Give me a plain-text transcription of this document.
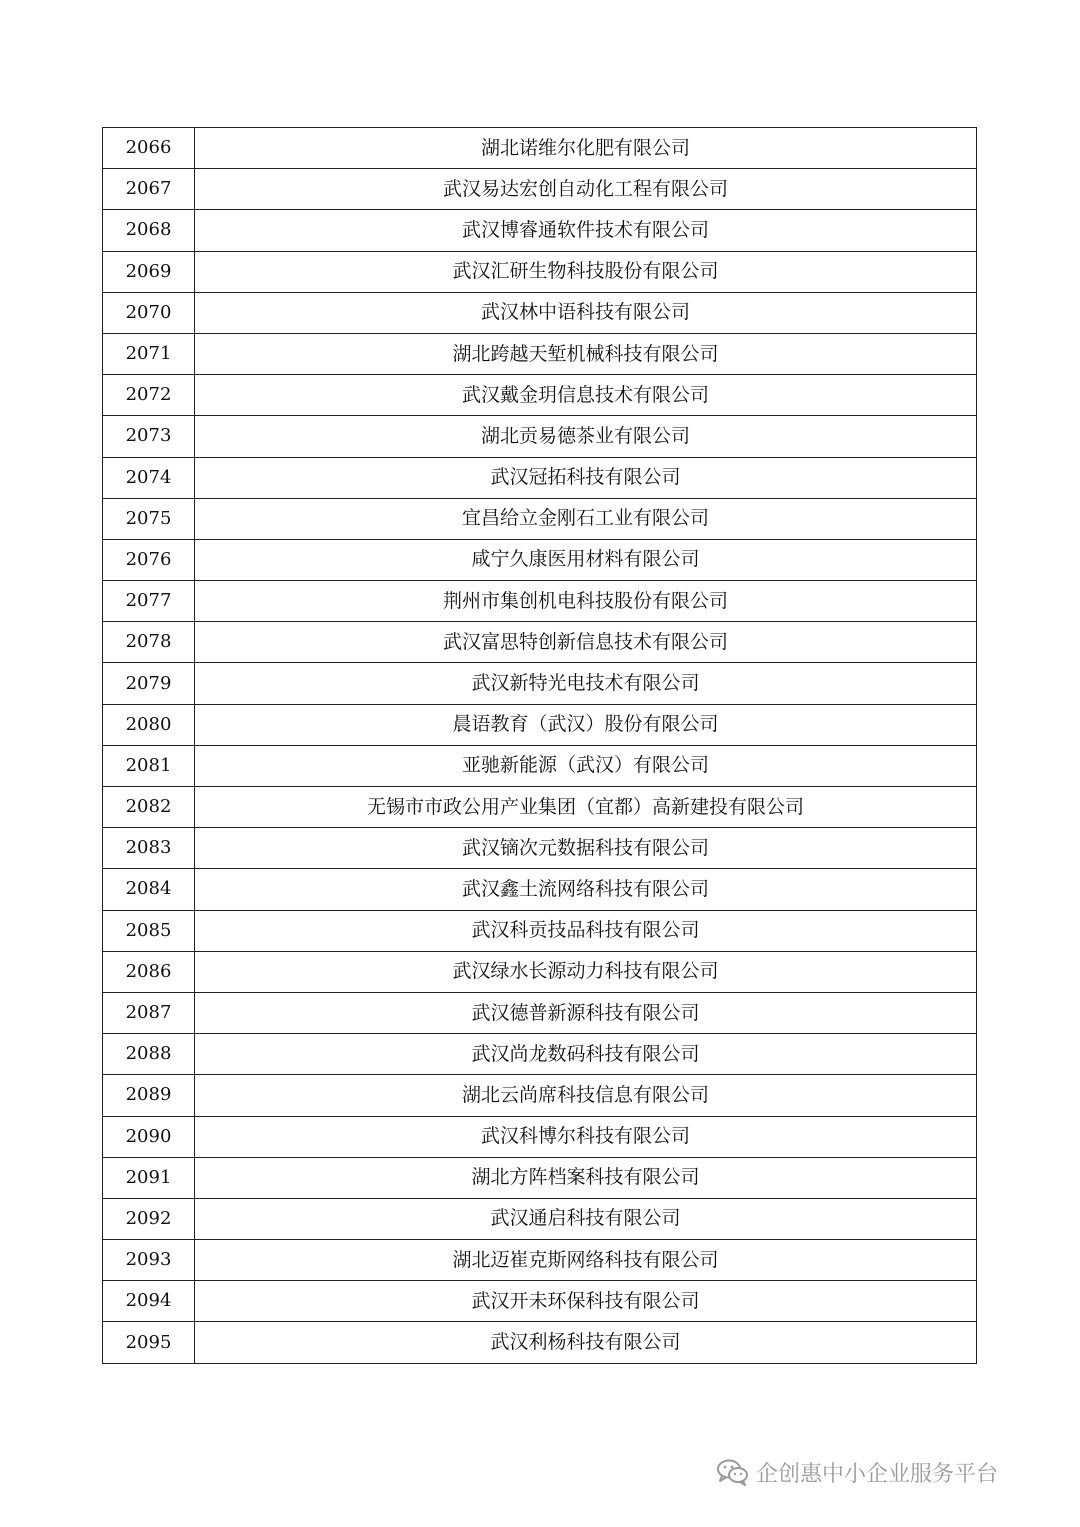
2066	湖北诺维尔化肥有限公司
2067	武汉易达宏创自动化工程有限公司
2068	武汉博睿通软件技术有限公司
2069	武汉汇研生物科技股份有限公司
2070	武汉林中语科技有限公司
2071	湖北跨越天堑机械科技有限公司
2072	武汉戴金玥信息技术有限公司
2073	湖北贡易德茶业有限公司
2074	武汉冠拓科技有限公司
2075	宜昌给立金刚石工业有限公司
2076	咸宁久康医用材料有限公司
2077	荆州市集创机电科技股份有限公司
2078	武汉富思特创新信息技术有限公司
2079	武汉新特光电技术有限公司
2080	晨语教育（武汉）股份有限公司
2081	亚驰新能源（武汉）有限公司
2082	无锡市市政公用产业集团（宜都）高新建投有限公司
2083	武汉镝次元数据科技有限公司
2084	武汉鑫土流网络科技有限公司
2085	武汉科贡技品科技有限公司
2086	武汉绿水长源动力科技有限公司
2087	武汉德普新源科技有限公司
2088	武汉尚龙数码科技有限公司
2089	湖北云尚席科技信息有限公司
2090	武汉科博尔科技有限公司
2091	湖北方阵档案科技有限公司
2092	武汉通启科技有限公司
2093	湖北迈崔克斯网络科技有限公司
2094	武汉开未环保科技有限公司
2095	武汉利杨科技有限公司
企创惠中小企业服务平台
